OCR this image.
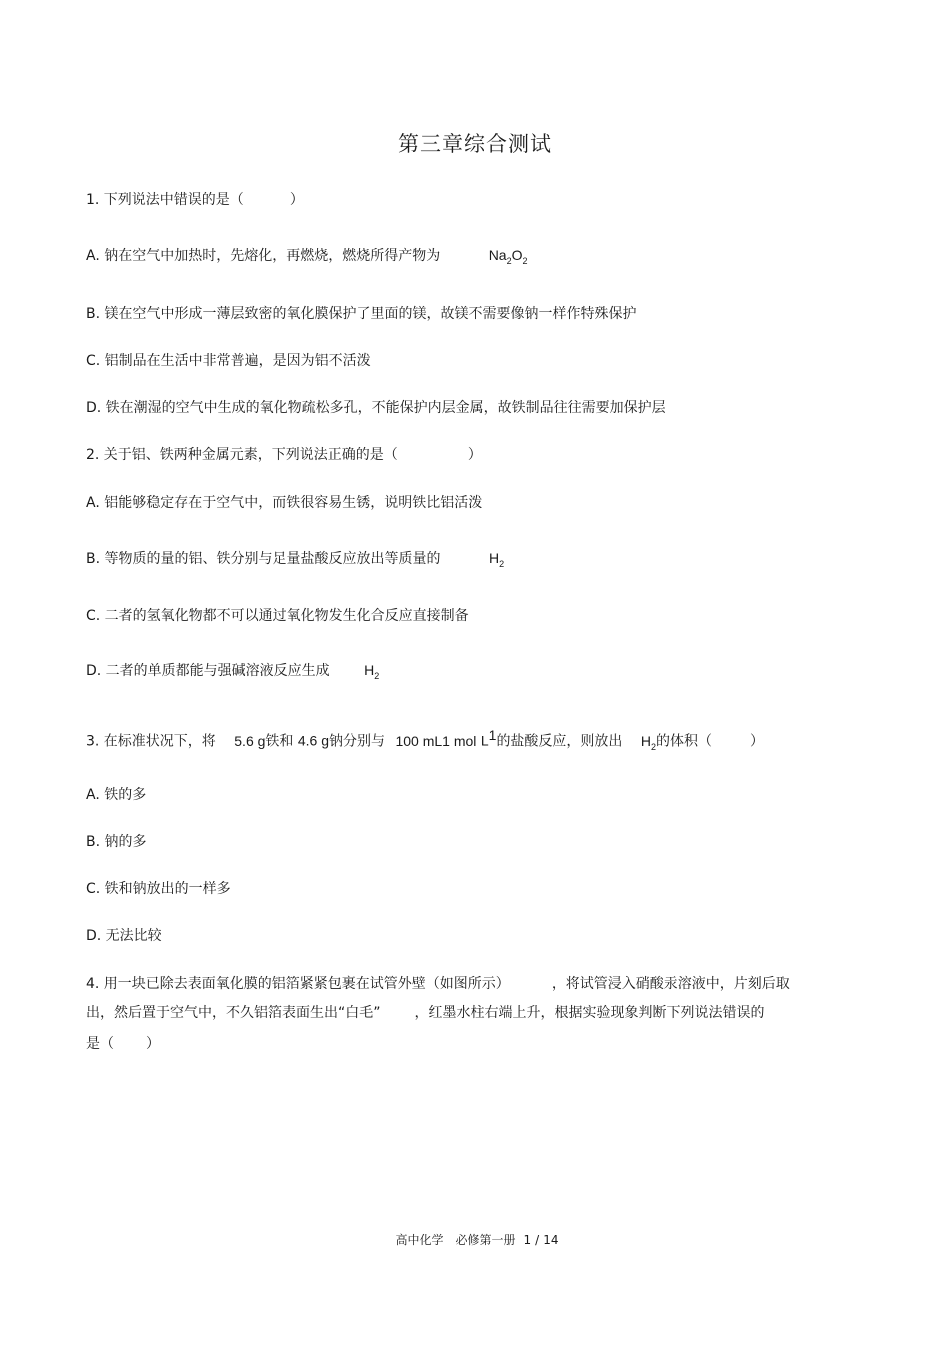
第三章综合测试
1. 下列说法中错误的是（	）
A. 钠在空气中加热时，先熔化，再燃烧，燃烧所得产物为	$Na_2O_2$
B. 镁在空气中形成一薄层致密的氧化膜保护了里面的镁，故镁不需要像钠一样作特殊保护
C. 铝制品在生活中非常普遍，是因为铝不活泼
D. 铁在潮湿的空气中生成的氧化物疏松多孔，不能保护内层金属，故铁制品往往需要加保护层
2. 关于铝、铁两种金属元素，下列说法正确的是（	）
A. 铝能够稳定存在于空气中，而铁很容易生锈，说明铁比铝活泼
B. 等物质的量的铝、铁分别与足量盐酸反应放出等质量的	$H_2$
C. 二者的氢氧化物都不可以通过氧化物发生化合反应直接制备
D. 二者的单质都能与强碱溶液反应生成 $H_2$
3. 在标准状况下，将 5.6 g铁和 4.6 g钠分别与 100 mL1 mol $L^1$的盐酸反应，则放出 $H_2$的体积（	）
A. 铁的多
B. 钠的多
C. 铁和钠放出的一样多
D. 无法比较
4. 用一块已除去表面氧化膜的铝箔紧紧包裹在试管外壁（如图所示）	，将试管浸入硝酸汞溶液中，片刻后取
出，然后置于空气中，不久铝箔表面生出“白毛” ，红墨水柱右端上升，根据实验现象判断下列说法错误的
是（ ）
高中化学 必修第一册 1 / 14
